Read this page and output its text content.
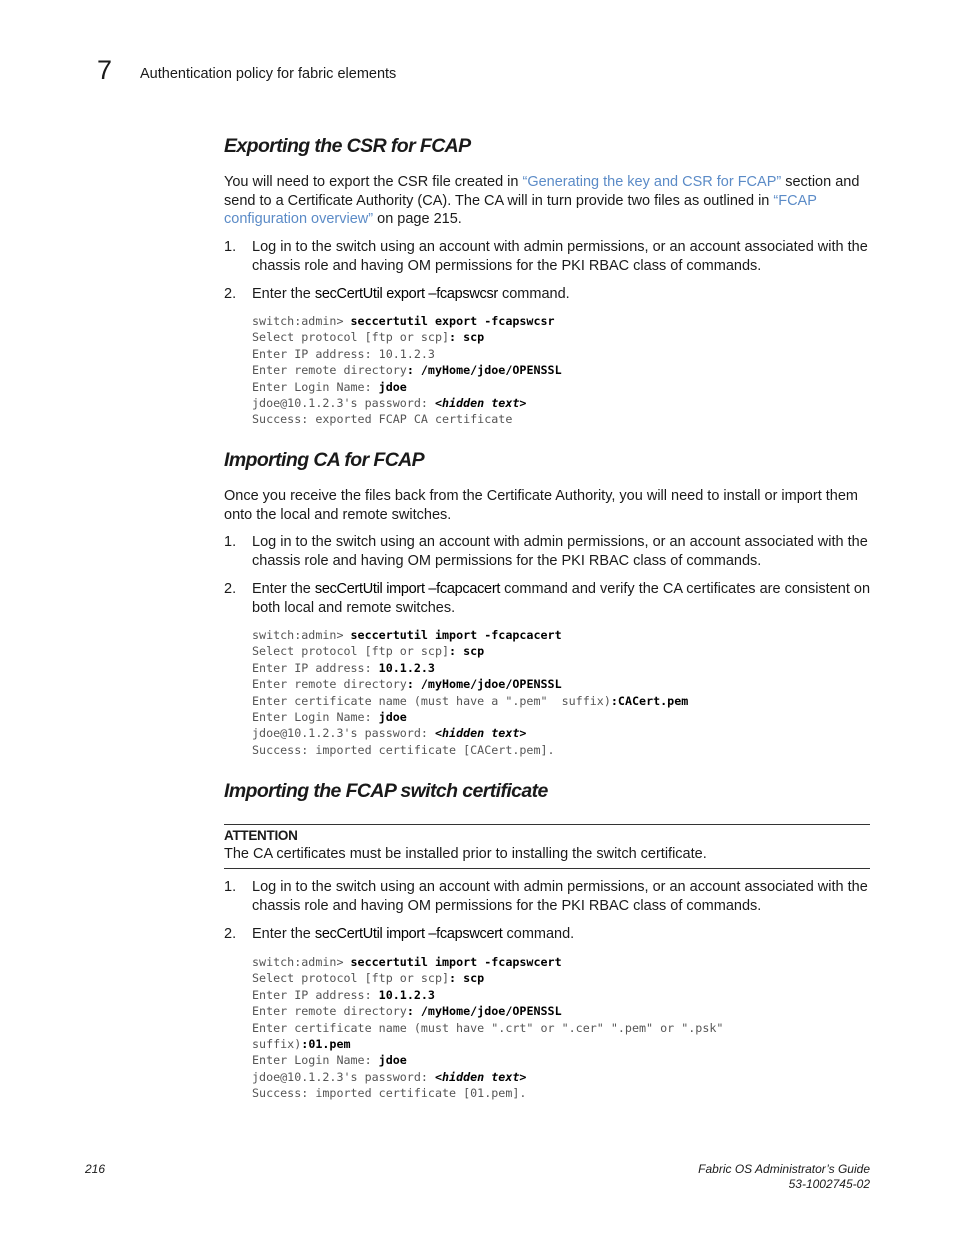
7 Authentication policy for fabric elements
Exporting the CSR for FCAP

You will need to export the CSR file created in “Generating the key and CSR for FCAP” section and send to a Certificate Authority (CA). The CA will in turn provide two files as outlined in “FCAP configuration overview” on page 215.

1. Log in to the switch using an account with admin permissions, or an account associated with the chassis role and having OM permissions for the PKI RBAC class of commands.
2. Enter the secCertUtil export –fcapswcsr command.
switch:admin> seccertutil export -fcapswcsr
Select protocol [ftp or scp]: scp
Enter IP address: 10.1.2.3
Enter remote directory: /myHome/jdoe/OPENSSL
Enter Login Name: jdoe
jdoe@10.1.2.3's password: <hidden text>
Success: exported FCAP CA certificate
Importing CA for FCAP

Once you receive the files back from the Certificate Authority, you will need to install or import them onto the local and remote switches.

1. Log in to the switch using an account with admin permissions, or an account associated with the chassis role and having OM permissions for the PKI RBAC class of commands.
2. Enter the secCertUtil import –fcapcacert command and verify the CA certificates are consistent on both local and remote switches.
switch:admin> seccertutil import -fcapcacert
Select protocol [ftp or scp]: scp
Enter IP address: 10.1.2.3
Enter remote directory: /myHome/jdoe/OPENSSL
Enter certificate name (must have a ".pem"  suffix):CACert.pem
Enter Login Name: jdoe
jdoe@10.1.2.3's password: <hidden text>
Success: imported certificate [CACert.pem].
Importing the FCAP switch certificate
ATTENTION
The CA certificates must be installed prior to installing the switch certificate.
1. Log in to the switch using an account with admin permissions, or an account associated with the chassis role and having OM permissions for the PKI RBAC class of commands.
2. Enter the secCertUtil import –fcapswcert command.
switch:admin> seccertutil import -fcapswcert
Select protocol [ftp or scp]: scp
Enter IP address: 10.1.2.3
Enter remote directory: /myHome/jdoe/OPENSSL
Enter certificate name (must have ".crt" or ".cer" ".pem" or ".psk"
suffix):01.pem
Enter Login Name: jdoe
jdoe@10.1.2.3's password: <hidden text>
Success: imported certificate [01.pem].
216	Fabric OS Administrator’s Guide
53-1002745-02
